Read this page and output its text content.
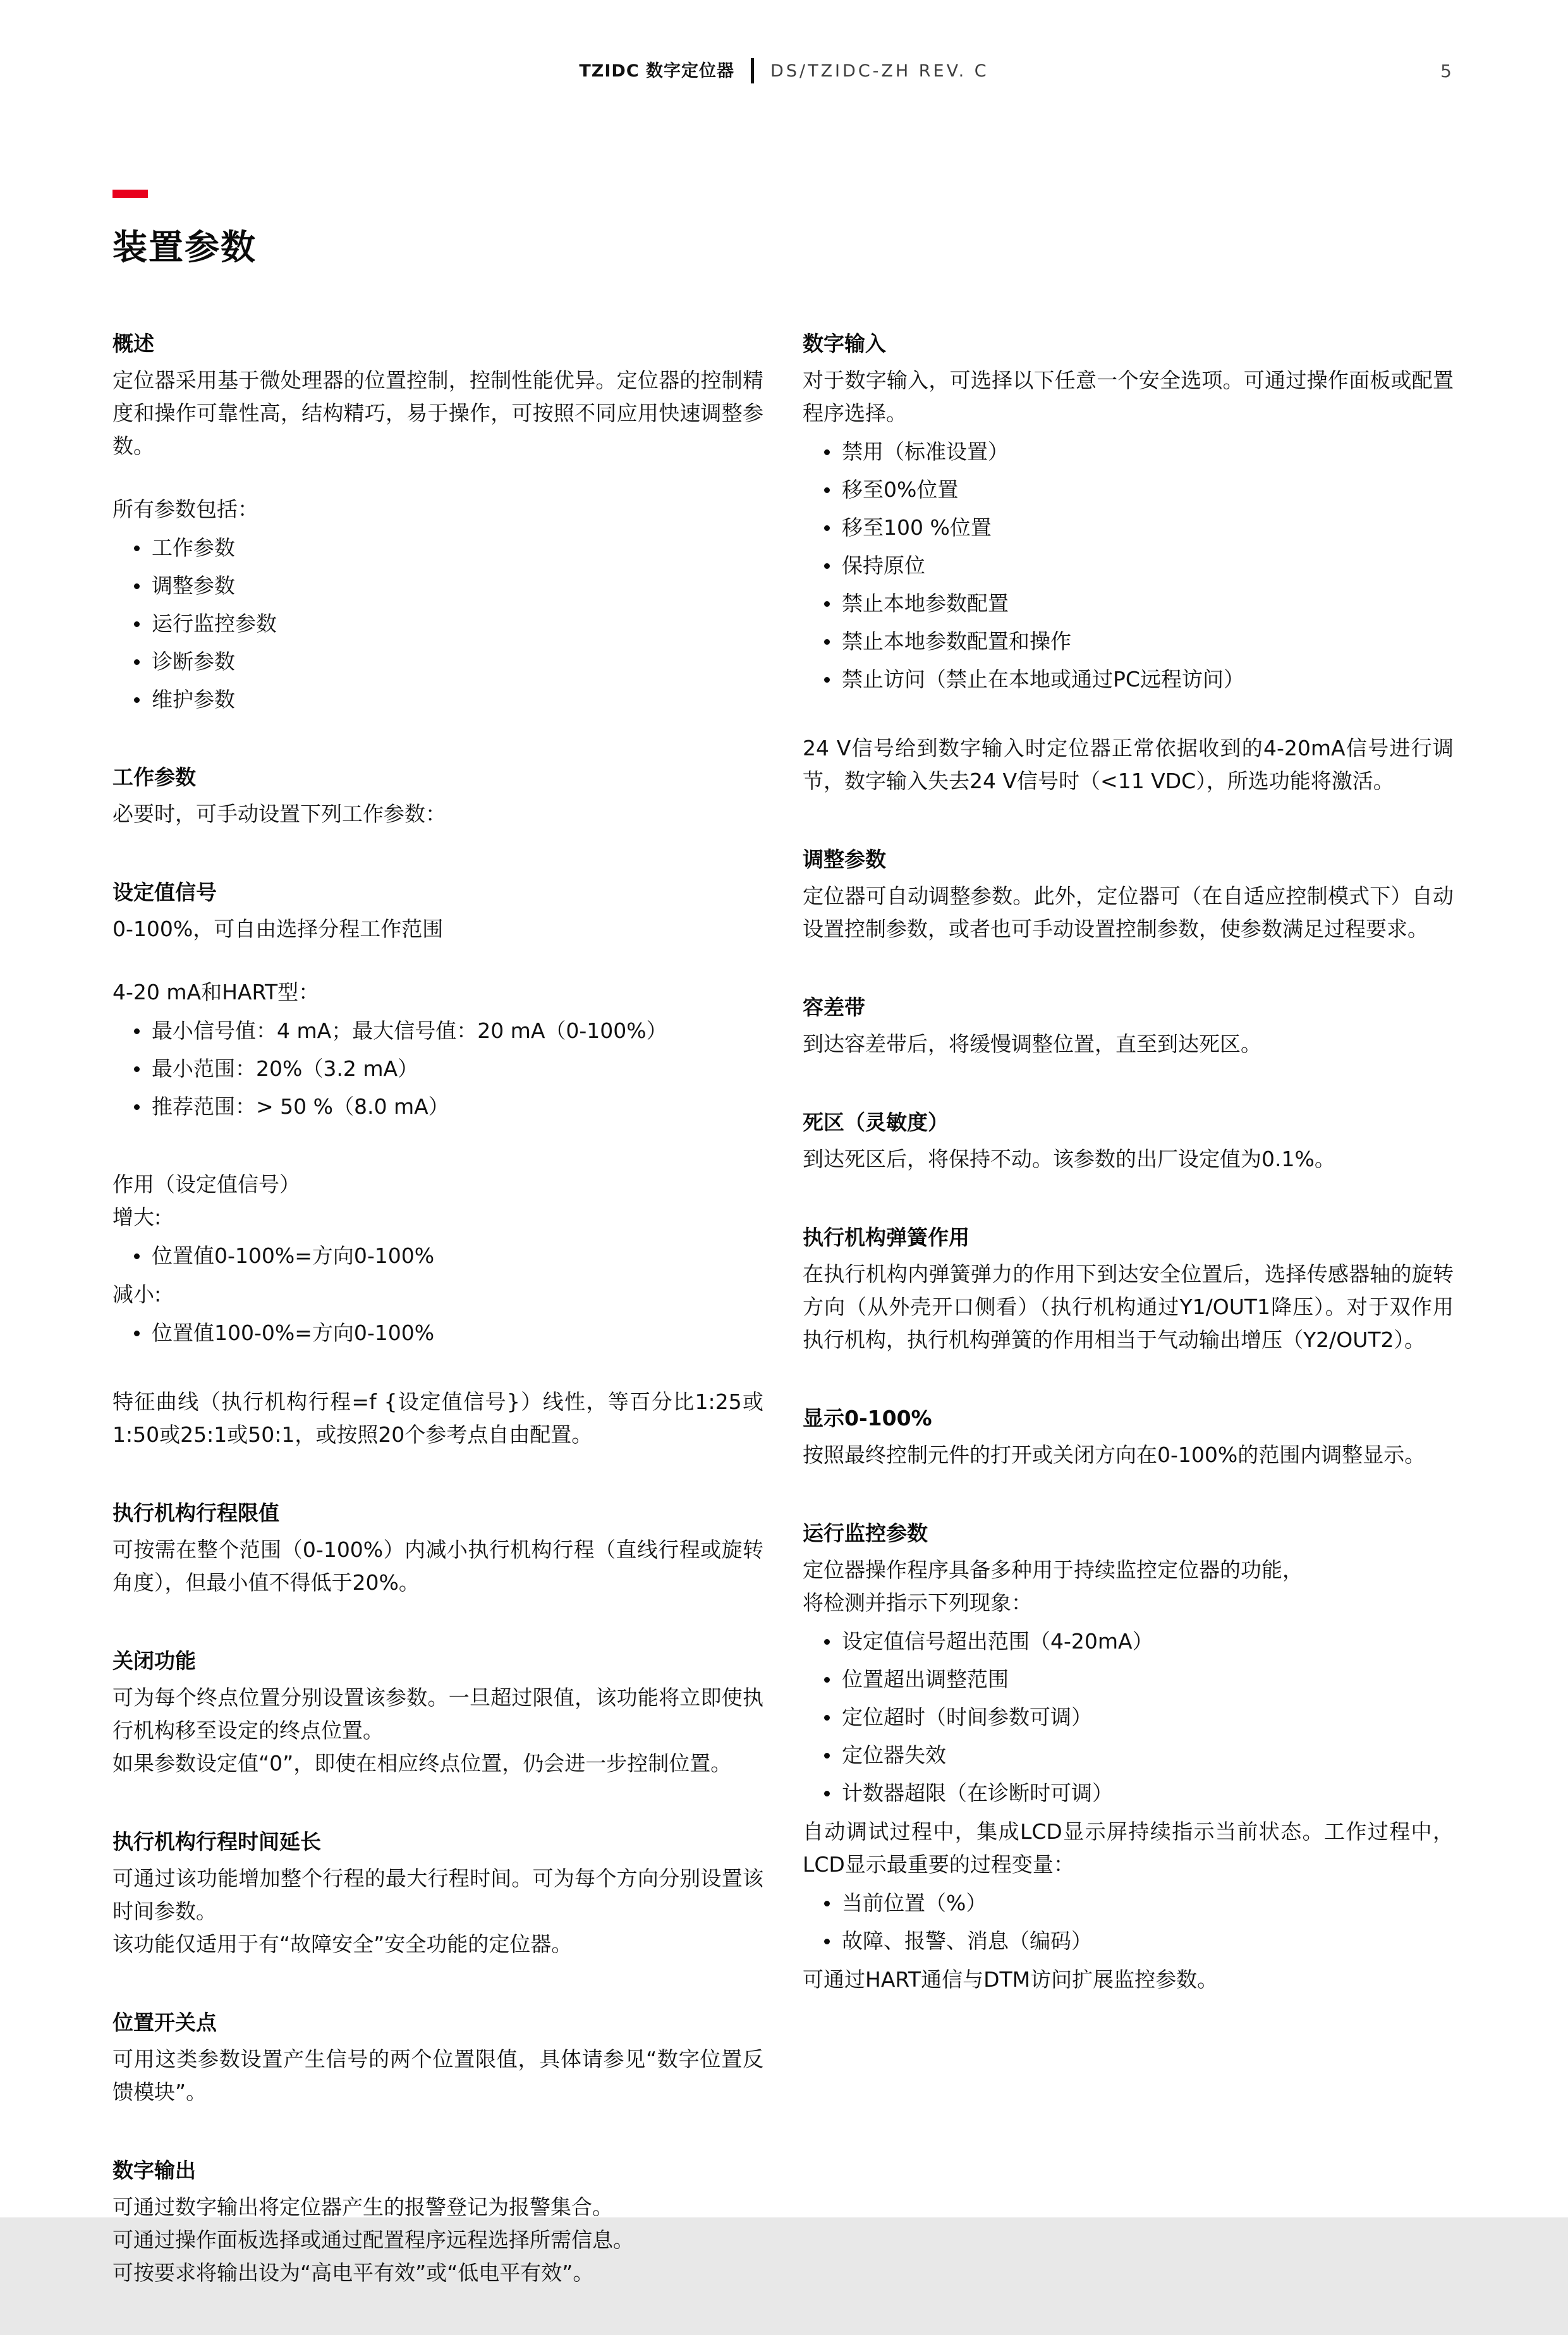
TZIDC 数字定位器 DS/TZIDC-ZH REV. C	5
装置参数
概述

定位器采用基于微处理器的位置控制，控制性能优异。定位器的控制精度和操作可靠性高，结构精巧，易于操作，可按照不同应用快速调整参数。

所有参数包括：

工作参数
调整参数
运行监控参数
诊断参数
维护参数
工作参数

必要时，可手动设置下列工作参数：

设定值信号

0-100%，可自由选择分程工作范围

4-20 mA和HART型：

最小信号值：4 mA；最大信号值：20 mA（0-100%）
最小范围：20%（3.2 mA）
推荐范围：> 50 %（8.0 mA）

作用（设定值信号）

增大:

位置值0-100%=方向0-100%

减小:

位置值100-0%=方向0-100%

特征曲线（执行机构行程=f {设定值信号}）线性，等百分比1:25或1:50或25:1或50:1，或按照20个参考点自由配置。

执行机构行程限值

可按需在整个范围（0-100%）内减小执行机构行程（直线行程或旋转角度），但最小值不得低于20%。

关闭功能

可为每个终点位置分别设置该参数。一旦超过限值，该功能将立即使执行机构移至设定的终点位置。

如果参数设定值“0”，即使在相应终点位置，仍会进一步控制位置。

执行机构行程时间延长

可通过该功能增加整个行程的最大行程时间。可为每个方向分别设置该时间参数。

该功能仅适用于有“故障安全”安全功能的定位器。

位置开关点

可用这类参数设置产生信号的两个位置限值，具体请参见“数字位置反馈模块”。

数字输出

可通过数字输出将定位器产生的报警登记为报警集合。

可通过操作面板选择或通过配置程序远程选择所需信息。

可按要求将输出设为“高电平有效”或“低电平有效”。

数字输入

对于数字输入，可选择以下任意一个安全选项。可通过操作面板或配置程序选择。

禁用（标准设置）
移至0%位置
移至100 %位置
保持原位
禁止本地参数配置
禁止本地参数配置和操作
禁止访问（禁止在本地或通过PC远程访问）

24 V信号给到数字输入时定位器正常依据收到的4-20mA信号进行调节，数字输入失去24 V信号时（<11 VDC），所选功能将激活。

调整参数

定位器可自动调整参数。此外，定位器可（在自适应控制模式下）自动设置控制参数，或者也可手动设置控制参数，使参数满足过程要求。

容差带

到达容差带后，将缓慢调整位置，直至到达死区。

死区（灵敏度）

到达死区后，将保持不动。该参数的出厂设定值为0.1%。

执行机构弹簧作用

在执行机构内弹簧弹力的作用下到达安全位置后，选择传感器轴的旋转方向（从外壳开口侧看）（执行机构通过Y1/OUT1降压）。对于双作用执行机构，执行机构弹簧的作用相当于气动输出增压（Y2/OUT2）。

显示0-100%

按照最终控制元件的打开或关闭方向在0-100%的范围内调整显示。

运行监控参数

定位器操作程序具备多种用于持续监控定位器的功能，

将检测并指示下列现象：

设定值信号超出范围（4-20mA）
位置超出调整范围
定位超时（时间参数可调）
定位器失效
计数器超限（在诊断时可调）

自动调试过程中，集成LCD显示屏持续指示当前状态。工作过程中，LCD显示最重要的过程变量：

当前位置（%）
故障、报警、消息（编码）

可通过HART通信与DTM访问扩展监控参数。
